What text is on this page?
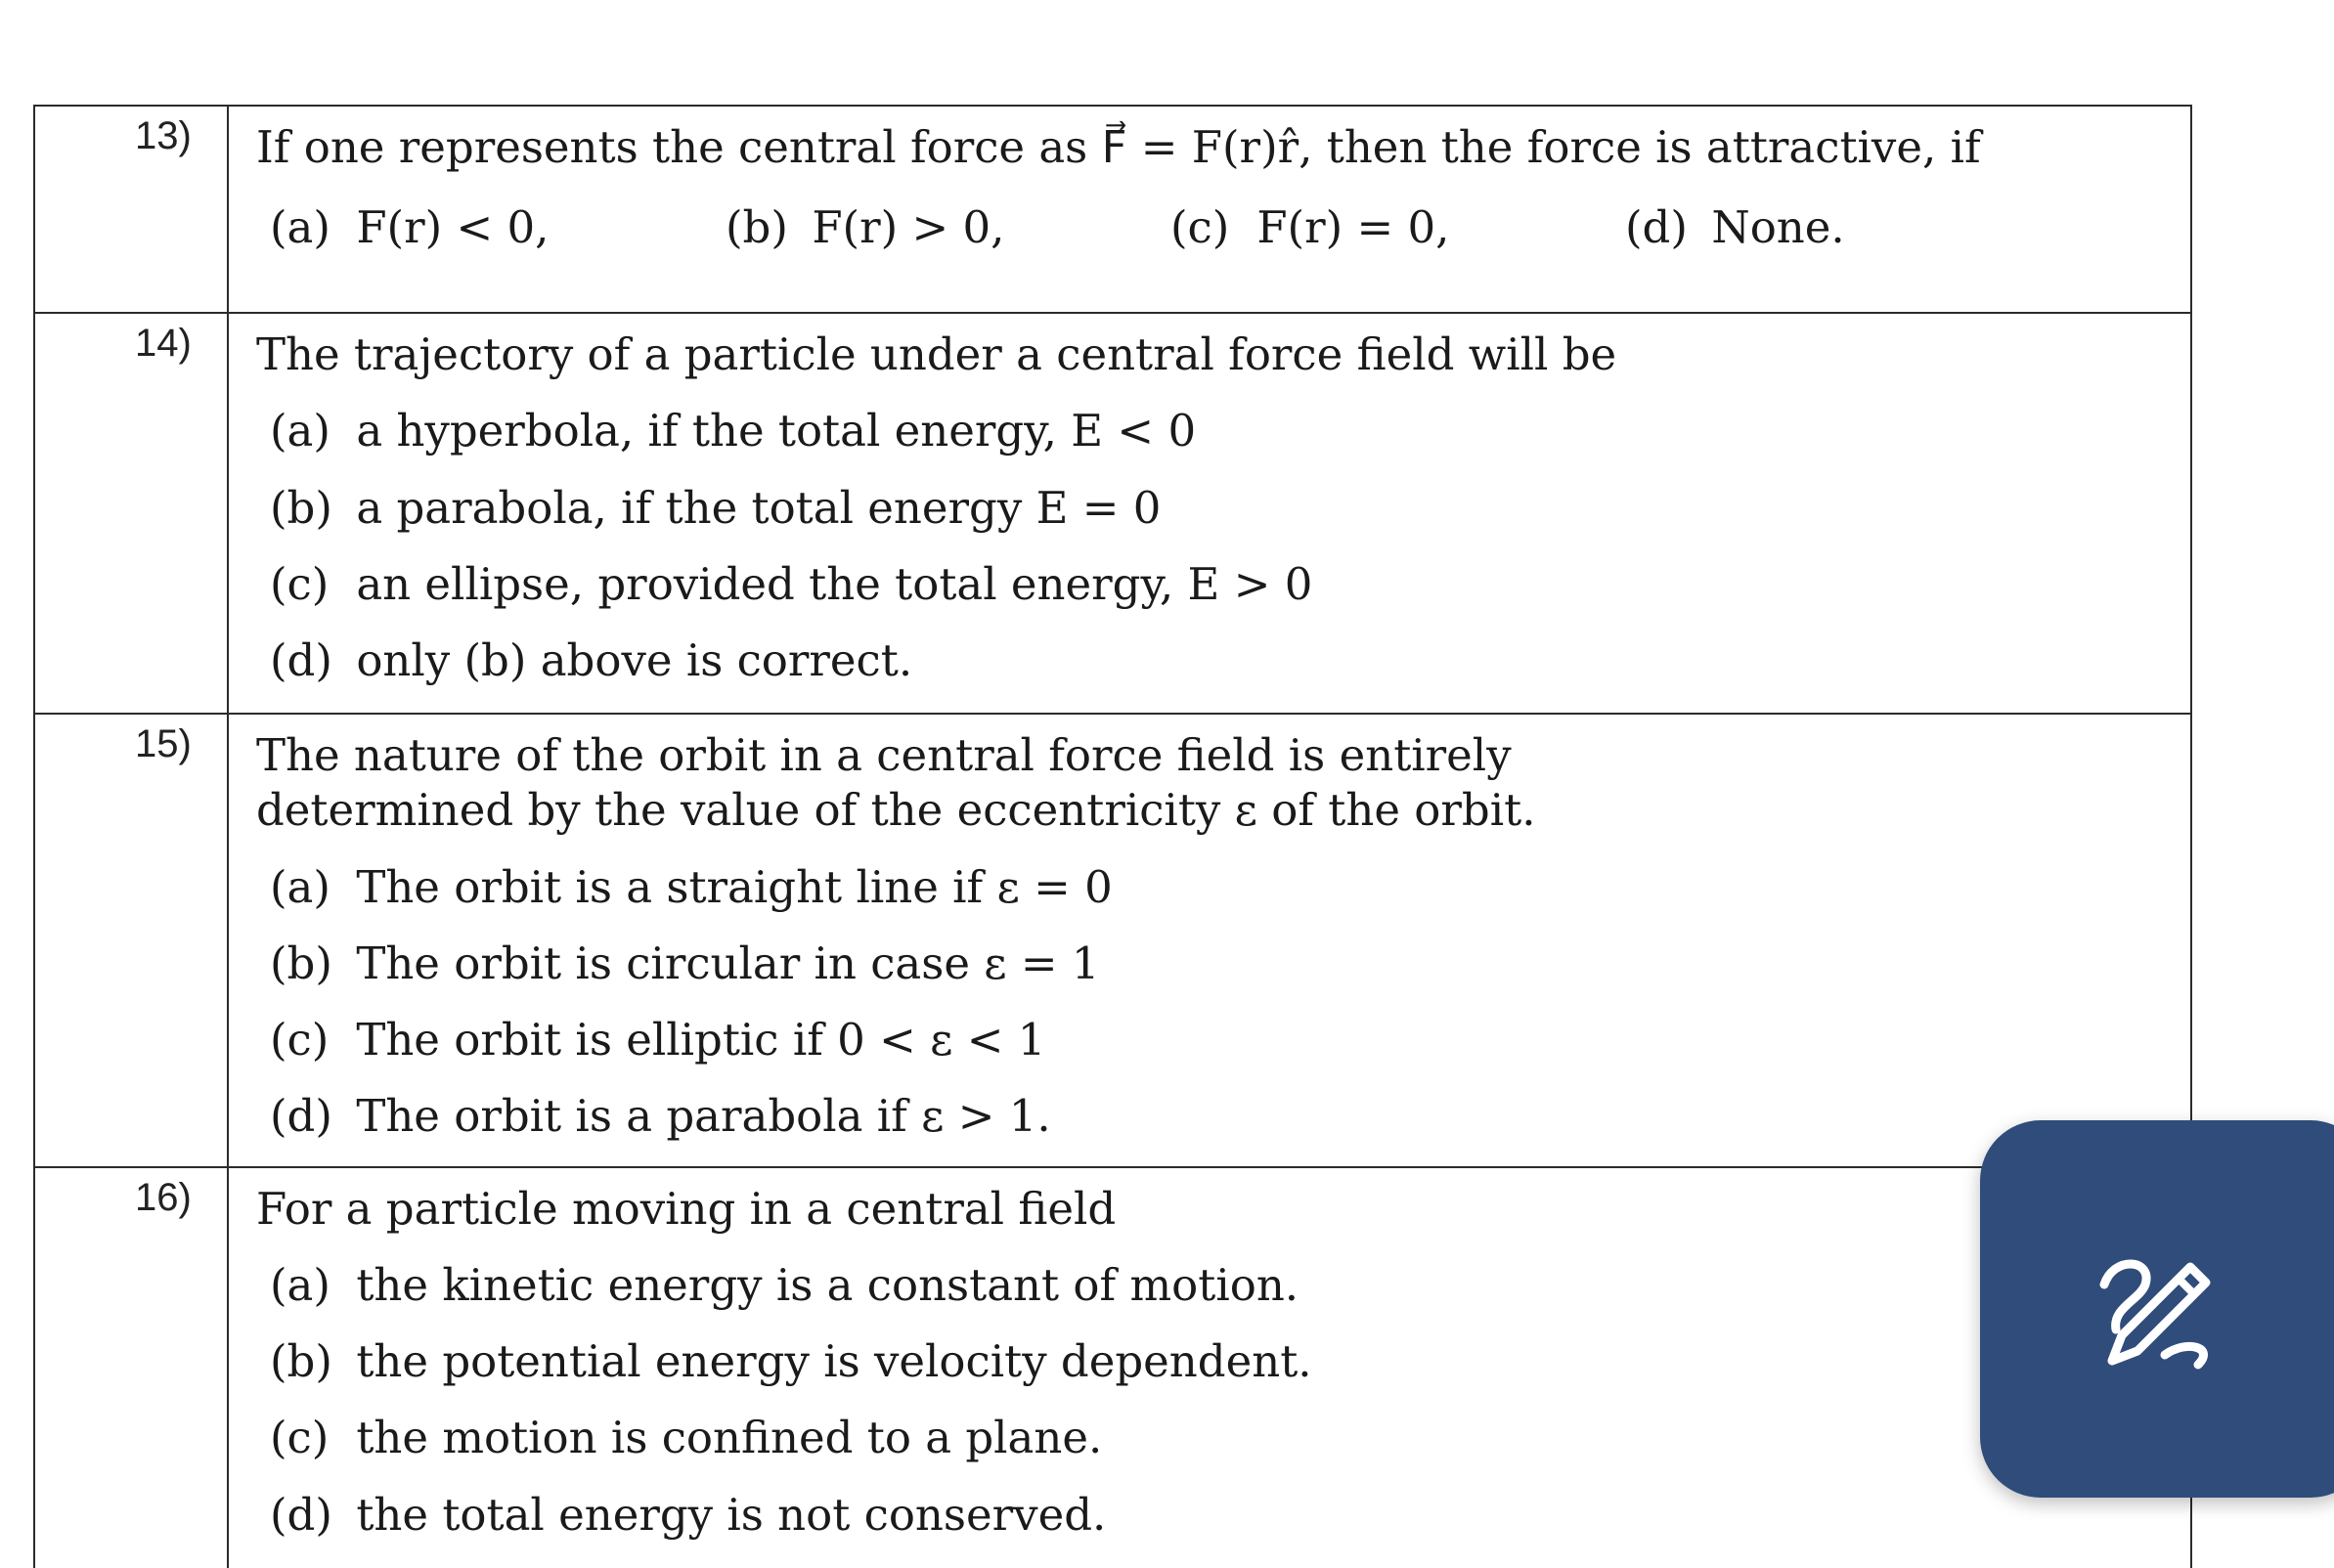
13)	If one represents the central force as F⃗ = F(r)r̂, then the force is attractive, if

(a) F(r) < 0, (b) F(r) > 0, (c) F(r) = 0, (d) None.

14)	The trajectory of a particle under a central force field will be

(a) a hyperbola, if the total energy, E < 0
(b) a parabola, if the total energy E = 0
(c) an ellipse, provided the total energy, E > 0
(d) only (b) above is correct.

15)	The nature of the orbit in a central force field is entirely determined by the value of the eccentricity ε of the orbit.

(a) The orbit is a straight line if ε = 0
(b) The orbit is circular in case ε = 1
(c) The orbit is elliptic if 0 < ε < 1
(d) The orbit is a parabola if ε > 1.

16)	For a particle moving in a central field

(a) the kinetic energy is a constant of motion.
(b) the potential energy is velocity dependent.
(c) the motion is confined to a plane.
(d) the total energy is not conserved.
